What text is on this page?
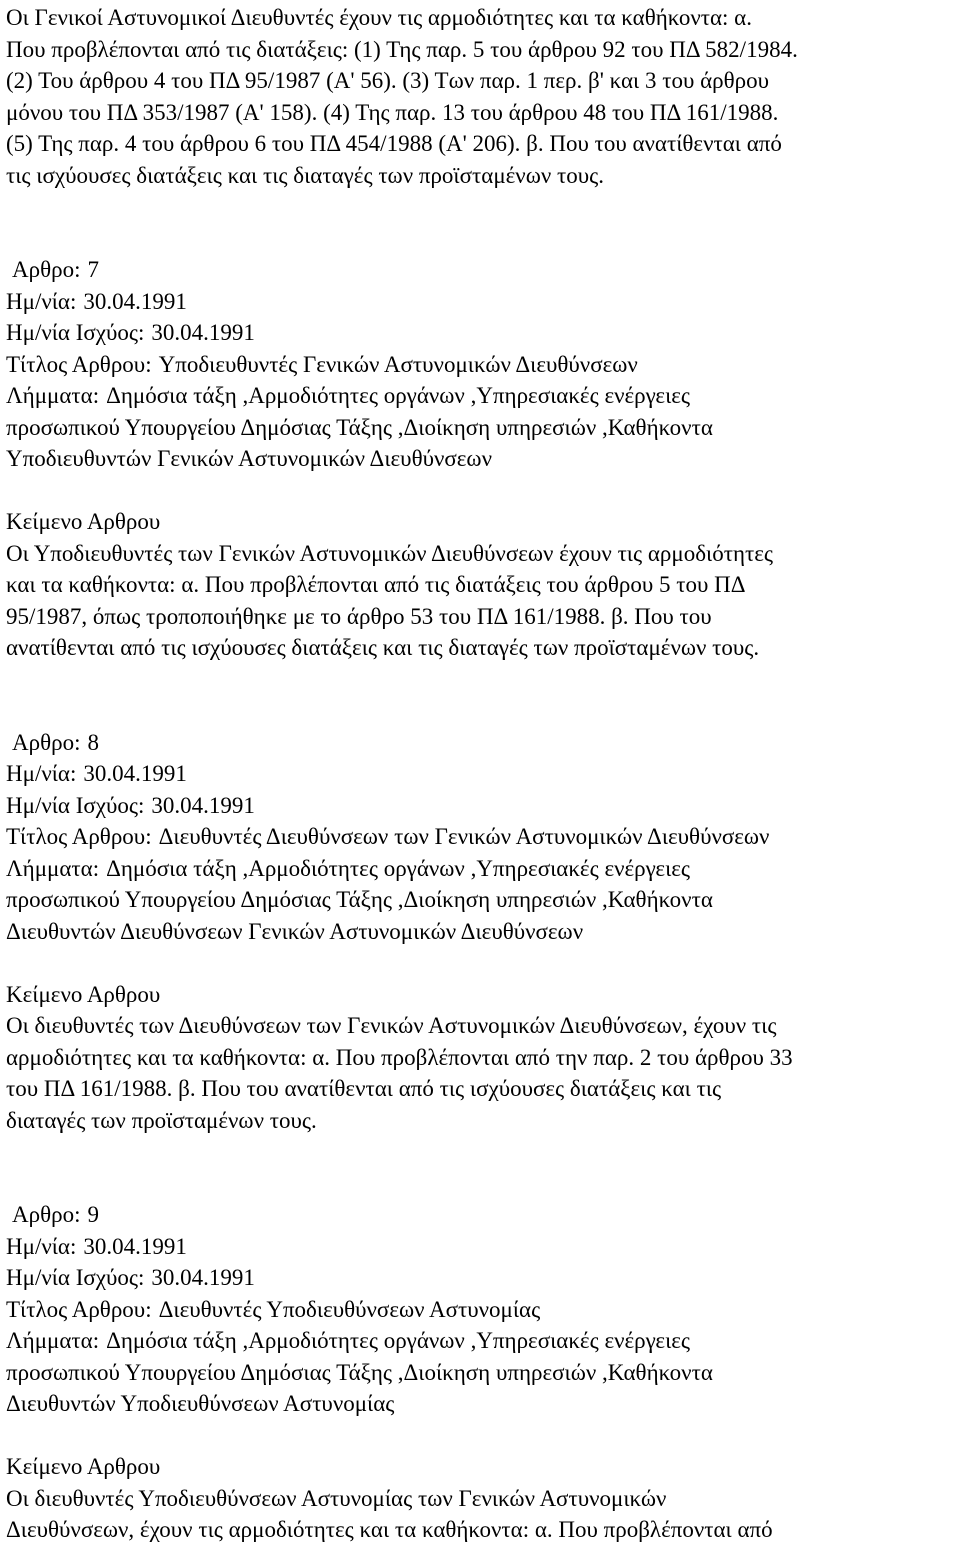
Οι Γενικοί Αστυνομικοί Διευθυντές έχουν τις αρμοδιότητες και τα καθήκοντα: α.
Που προβλέπονται από τις διατάξεις: (1) Της παρ. 5 του άρθρου 92 του ΠΔ 582/1984.
(2) Του άρθρου 4 του ΠΔ 95/1987 (Α' 56). (3) Των παρ. 1 περ. β' και 3 του άρθρου
μόνου του ΠΔ 353/1987 (Α' 158). (4) Της παρ. 13 του άρθρου 48 του ΠΔ 161/1988.
(5) Της παρ. 4 του άρθρου 6 του ΠΔ 454/1988 (Α' 206). β. Που του ανατίθενται από
τις ισχύουσες διατάξεις και τις διαταγές των προϊσταμένων τους.
Αρθρο: 7
Ημ/νία: 30.04.1991
Ημ/νία Ισχύος: 30.04.1991
Τίτλος Αρθρου: Υποδιευθυντές Γενικών Αστυνομικών Διευθύνσεων
Λήμματα: Δημόσια τάξη ,Αρμοδιότητες οργάνων ,Υπηρεσιακές ενέργειες
προσωπικού Υπουργείου Δημόσιας Τάξης ,Διοίκηση υπηρεσιών ,Καθήκοντα
Υποδιευθυντών Γενικών Αστυνομικών Διευθύνσεων
Κείμενο Αρθρου
Οι Υποδιευθυντές των Γενικών Αστυνομικών Διευθύνσεων έχουν τις αρμοδιότητες
και τα καθήκοντα: α. Που προβλέπονται από τις διατάξεις του άρθρου 5 του ΠΔ
95/1987, όπως τροποποιήθηκε με το άρθρο 53 του ΠΔ 161/1988. β. Που του
ανατίθενται από τις ισχύουσες διατάξεις και τις διαταγές των προϊσταμένων τους.
Αρθρο: 8
Ημ/νία: 30.04.1991
Ημ/νία Ισχύος: 30.04.1991
Τίτλος Αρθρου: Διευθυντές Διευθύνσεων των Γενικών Αστυνομικών Διευθύνσεων
Λήμματα: Δημόσια τάξη ,Αρμοδιότητες οργάνων ,Υπηρεσιακές ενέργειες
προσωπικού Υπουργείου Δημόσιας Τάξης ,Διοίκηση υπηρεσιών ,Καθήκοντα
Διευθυντών Διευθύνσεων Γενικών Αστυνομικών Διευθύνσεων
Κείμενο Αρθρου
Οι διευθυντές των Διευθύνσεων των Γενικών Αστυνομικών Διευθύνσεων, έχουν τις
αρμοδιότητες και τα καθήκοντα: α. Που προβλέπονται από την παρ. 2 του άρθρου 33
του ΠΔ 161/1988. β. Που του ανατίθενται από τις ισχύουσες διατάξεις και τις
διαταγές των προϊσταμένων τους.
Αρθρο: 9
Ημ/νία: 30.04.1991
Ημ/νία Ισχύος: 30.04.1991
Τίτλος Αρθρου: Διευθυντές Υποδιευθύνσεων Αστυνομίας
Λήμματα: Δημόσια τάξη ,Αρμοδιότητες οργάνων ,Υπηρεσιακές ενέργειες
προσωπικού Υπουργείου Δημόσιας Τάξης ,Διοίκηση υπηρεσιών ,Καθήκοντα
Διευθυντών Υποδιευθύνσεων Αστυνομίας
Κείμενο Αρθρου
Οι διευθυντές Υποδιευθύνσεων Αστυνομίας των Γενικών Αστυνομικών
Διευθύνσεων, έχουν τις αρμοδιότητες και τα καθήκοντα: α. Που προβλέπονται από
